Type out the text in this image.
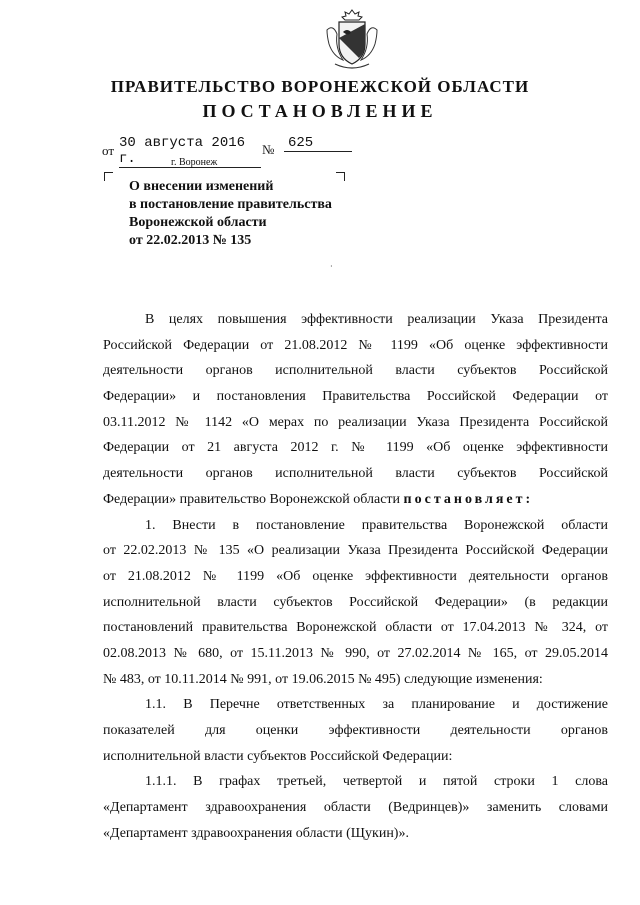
ПРАВИТЕЛЬСТВО ВОРОНЕЖСКОЙ ОБЛАСТИ
ПОСТАНОВЛЕНИЕ
от 30 августа 2016 г.
№ 625
г. Воронеж
О внесении изменений
в постановление правительства
Воронежской области
от 22.02.2013 № 135
·
В целях повышения эффективности реализации Указа Президента
Российской Федерации от 21.08.2012 № 1199 «Об оценке эффективности
деятельности органов исполнительной власти субъектов Российской
Федерации» и постановления Правительства Российской Федерации от
03.11.2012 № 1142 «О мерах по реализации Указа Президента Российской
Федерации от 21 августа 2012 г. № 1199 «Об оценке эффективности
деятельности органов исполнительной власти субъектов Российской
Федерации» правительство Воронежской области постановляет:
1. Внести в постановление правительства Воронежской области
от 22.02.2013 № 135 «О реализации Указа Президента Российской Федерации
от 21.08.2012 № 1199 «Об оценке эффективности деятельности органов
исполнительной власти субъектов Российской Федерации» (в редакции
постановлений правительства Воронежской области от 17.04.2013 № 324, от
02.08.2013 № 680, от 15.11.2013 № 990, от 27.02.2014 № 165, от 29.05.2014
№ 483, от 10.11.2014 № 991, от 19.06.2015 № 495) следующие изменения:
1.1. В Перечне ответственных за планирование и достижение
показателей для оценки эффективности деятельности органов
исполнительной власти субъектов Российской Федерации:
1.1.1. В графах третьей, четвертой и пятой строки 1 слова
«Департамент здравоохранения области (Ведринцев)» заменить словами
«Департамент здравоохранения области (Щукин)».
